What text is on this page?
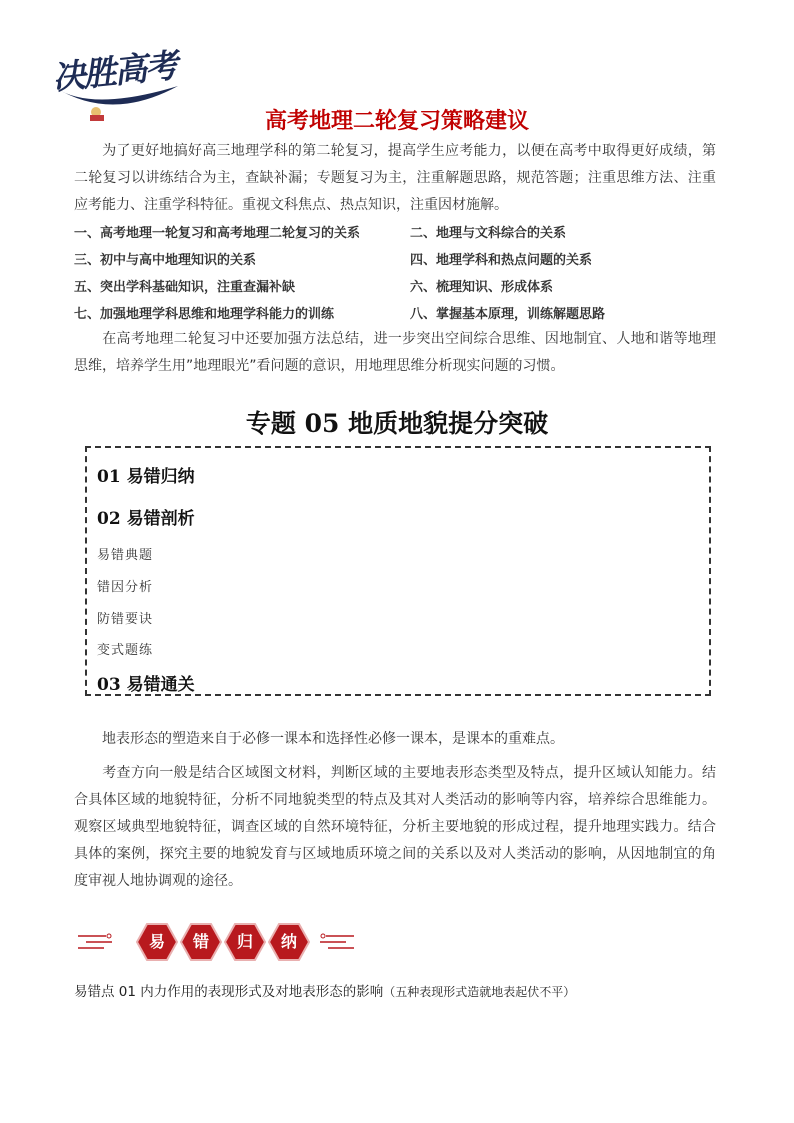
决胜高考
高考地理二轮复习策略建议
为了更好地搞好高三地理学科的第二轮复习，提高学生应考能力，以便在高考中取得更好成绩，第二轮复习以讲练结合为主，查缺补漏；专题复习为主，注重解题思路，规范答题；注重思维方法、注重应考能力、注重学科特征。重视文科焦点、热点知识，注重因材施解。
一、高考地理一轮复习和高考地理二轮复习的关系	二、地理与文科综合的关系
三、初中与高中地理知识的关系	四、地理学科和热点问题的关系
五、突出学科基础知识，注重查漏补缺	六、梳理知识、形成体系
七、加强地理学科思维和地理学科能力的训练	八、掌握基本原理，训练解题思路
在高考地理二轮复习中还要加强方法总结，进一步突出空间综合思维、因地制宜、人地和谐等地理思维，培养学生用”地理眼光”看问题的意识，用地理思维分析现实问题的习惯。
专题 05 地质地貌提分突破
01 易错归纳
02 易错剖析
易错典题
错因分析
防错要诀
变式题练
03 易错通关
地表形态的塑造来自于必修一课本和选择性必修一课本，是课本的重难点。
考查方向一般是结合区域图文材料，判断区域的主要地表形态类型及特点，提升区域认知能力。结合具体区域的地貌特征，分析不同地貌类型的特点及其对人类活动的影响等内容，培养综合思维能力。观察区域典型地貌特征，调查区域的自然环境特征，分析主要地貌的形成过程，提升地理实践力。结合具体的案例，探究主要的地貌发育与区域地质环境之间的关系以及对人类活动的影响，从因地制宜的角度审视人地协调观的途径。
易	错	归	纳
易错点 01 内力作用的表现形式及对地表形态的影响（五种表现形式造就地表起伏不平）
